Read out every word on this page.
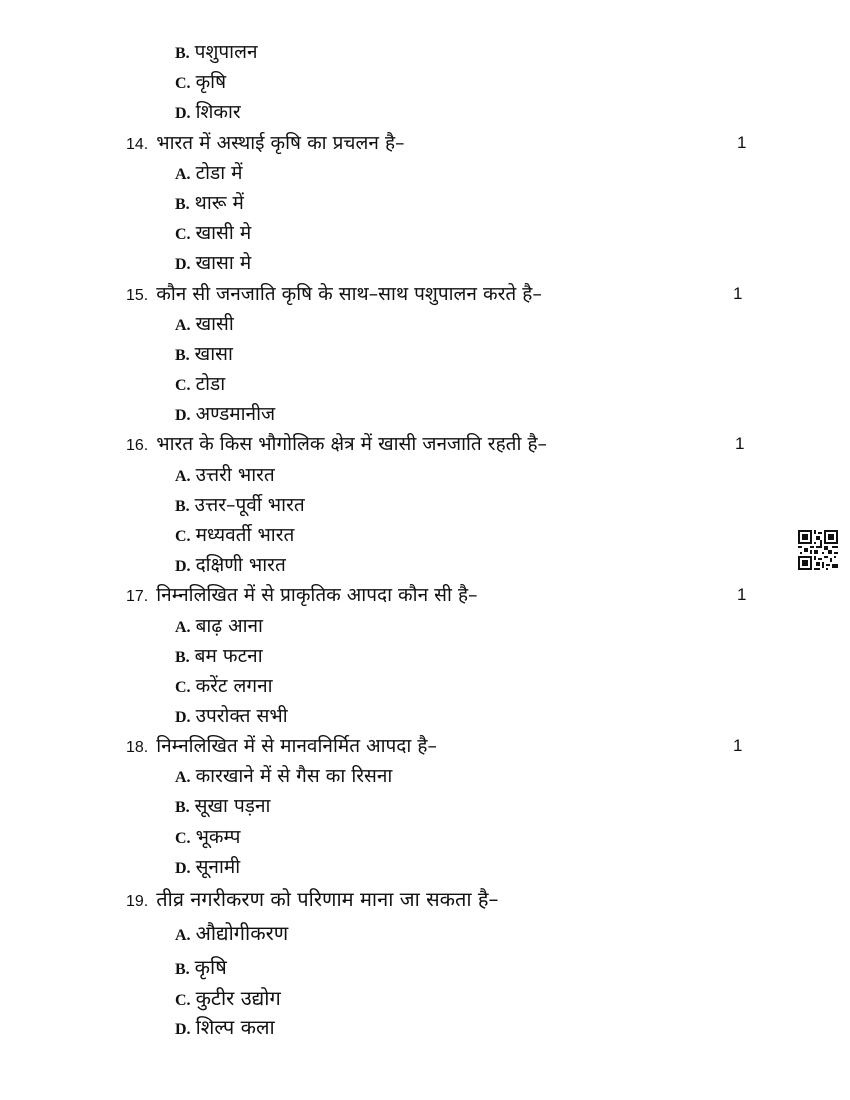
B. पशुपालन
C. कृषि
D. शिकार
14. भारत में अस्थाई कृषि का प्रचलन है–	1
A. टोडा में
B. थारू में
C. खासी मे
D. खासा मे
15. कौन सी जनजाति कृषि के साथ–साथ पशुपालन करते है–	1
A. खासी
B. खासा
C. टोडा
D. अण्डमानीज
16. भारत के किस भौगोलिक क्षेत्र में खासी जनजाति रहती है–	1
A. उत्तरी भारत
B. उत्तर–पूर्वी भारत
C. मध्यवर्ती भारत
D. दक्षिणी भारत
17. निम्नलिखित में से प्राकृतिक आपदा कौन सी है–	1
A. बाढ़ आना
B. बम फटना
C. करेंट लगना
D. उपरोक्त सभी
18. निम्नलिखित में से मानवनिर्मित आपदा है–	1
A. कारखाने में से गैस का रिसना
B. सूखा पड़ना
C. भूकम्प
D. सूनामी
19. तीव्र नगरीकरण को परिणाम माना जा सकता है–
A. औद्योगीकरण
B. कृषि
C. कुटीर उद्योग
D. शिल्प कला
